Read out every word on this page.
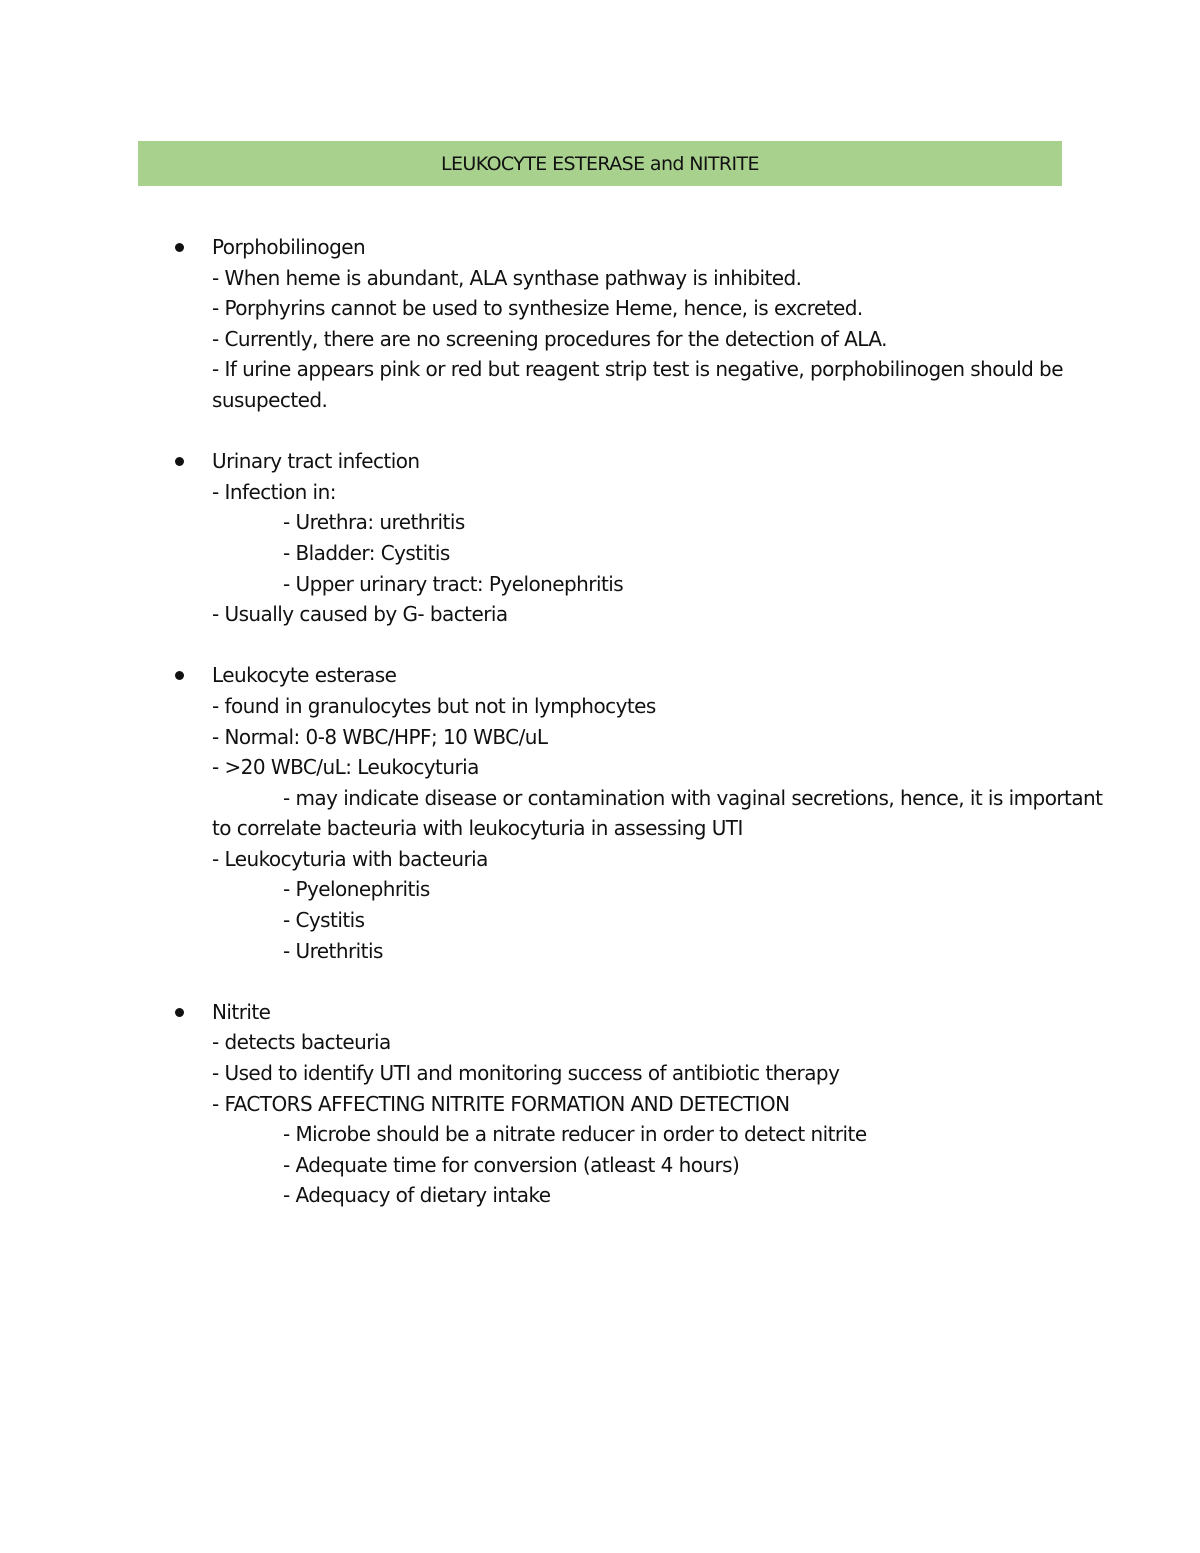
LEUKOCYTE ESTERASE and NITRITE
Porphobilinogen
- When heme is abundant, ALA synthase pathway is inhibited.
- Porphyrins cannot be used to synthesize Heme, hence, is excreted.
- Currently, there are no screening procedures for the detection of ALA.
- If urine appears pink or red but reagent strip test is negative, porphobilinogen should be
susupected.
Urinary tract infection
- Infection in:
- Urethra: urethritis
- Bladder: Cystitis
- Upper urinary tract: Pyelonephritis
- Usually caused by G- bacteria
Leukocyte esterase
- found in granulocytes but not in lymphocytes
- Normal: 0-8 WBC/HPF; 10 WBC/uL
- >20 WBC/uL: Leukocyturia
- may indicate disease or contamination with vaginal secretions, hence, it is important
to correlate bacteuria with leukocyturia in assessing UTI
- Leukocyturia with bacteuria
- Pyelonephritis
- Cystitis
- Urethritis
Nitrite
- detects bacteuria
- Used to identify UTI and monitoring success of antibiotic therapy
- FACTORS AFFECTING NITRITE FORMATION AND DETECTION
- Microbe should be a nitrate reducer in order to detect nitrite
- Adequate time for conversion (atleast 4 hours)
- Adequacy of dietary intake
